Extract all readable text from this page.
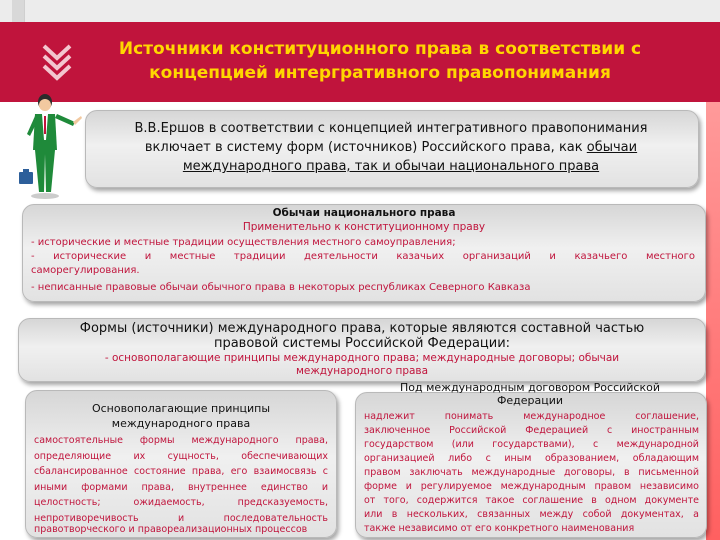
Источники конституционного права в соответствии с
концепцией интергративного правопонимания
В.В.Ершов в соответствии с концепцией интегративного правопонимания
включает в систему форм (источников) Российского права, как обычаи
международного права, так и обычаи национального права
Обычаи национального права
Применительно к конституционному праву
- исторические и местные традиции осуществления местного самоуправления;
- исторические и местные традиции деятельности казачьих организаций и казачьего местного
саморегулирования.
- неписанные правовые обычаи обычного права в некоторых республиках Северного Кавказа
Формы (источники) международного права, которые являются составной частью
правовой системы Российской Федерации:
- основополагающие принципы международного права; международные договоры; обычаи
международного права
Основополагающие принципы
международного права
самостоятельные формы международного права,
определяющие их сущность, обеспечивающих
сбалансированное состояние права, его взаимосвязь с
иными формами права, внутреннее единство и
целостность; ожидаемость, предсказуемость,
непротиворечивость и последовательность
правотворческого и правореализационных процессов
надлежит понимать международное соглашение,
заключенное Российской Федерацией с иностранным
государством (или государствами), с международной
организацией либо с иным образованием, обладающим
правом заключать международные договоры, в письменной
форме и регулируемое международным правом независимо
от того, содержится такое соглашение в одном документе
или в нескольких, связанных между собой документах, а
также независимо от его конкретного наименования
Под международным договором Российской
Федерации
